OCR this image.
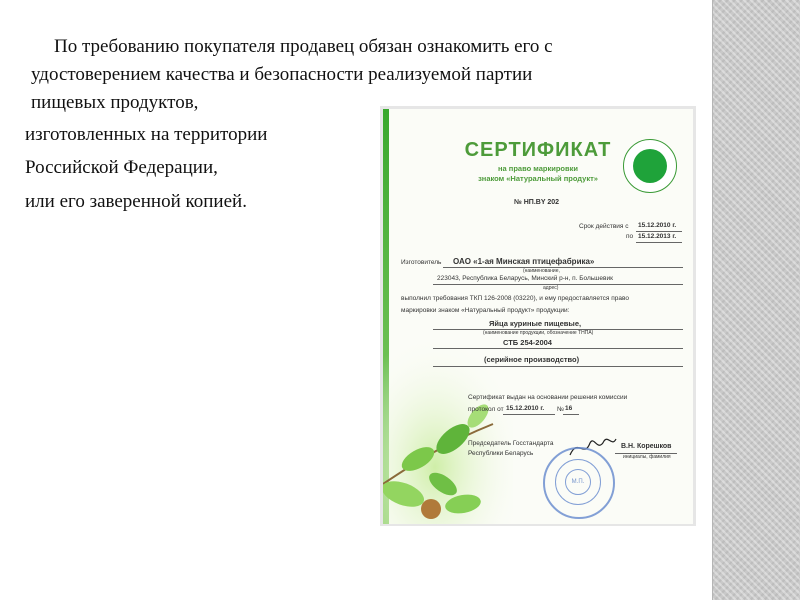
По требованию покупателя продавец обязан ознакомить его с
удостоверением качества и безопасности реализуемой партии
пищевых продуктов,
изготовленных на территории
Российской Федерации,
или его заверенной копией.
СЕРТИФИКАТ
на право маркировки
знаком «Натуральный продукт»
№ НП.BY 202
Срок действия с 15.12.2010 г.
по 15.12.2013 г.
Изготовитель ОАО «1-ая Минская птицефабрика»
(наименование,
223043, Республика Беларусь, Минский р-н, п. Большевик
адрес)
выполнил требования ТКП 126-2008 (03220), и ему предоставляется право
маркировки знаком «Натуральный продукт» продукции:
Яйца куриные пищевые,
(наименование продукции, обозначение ТНПА)
СТБ 254-2004
(серийное производство)
Сертификат выдан на основании решения комиссии
протокол от 15.12.2010 г. № 16
Председатель Госстандарта
Республики Беларусь
В.Н. Корешков
инициалы, фамилия
М.П.
